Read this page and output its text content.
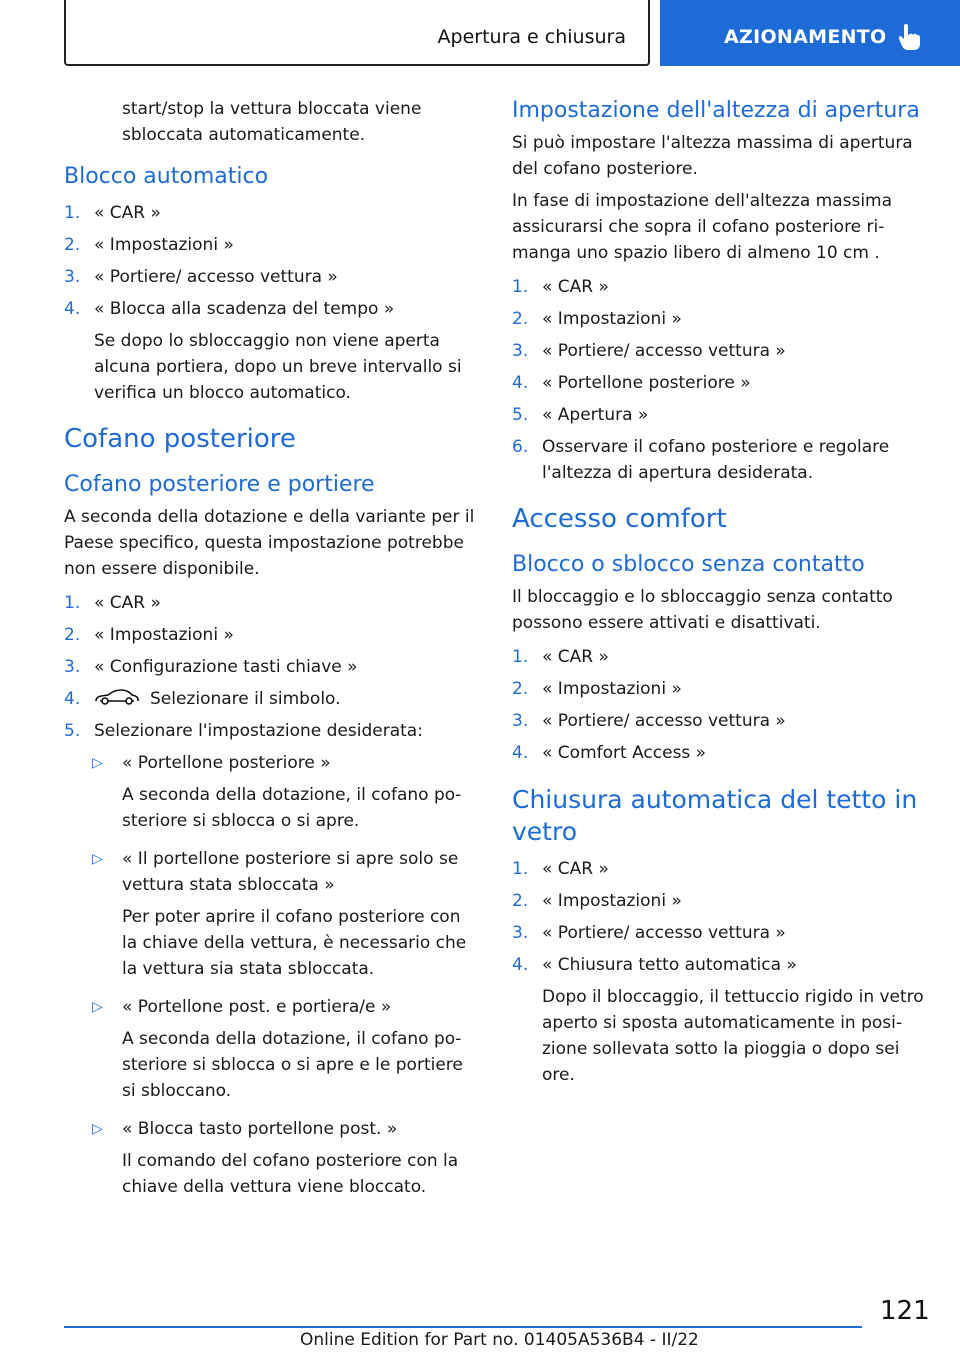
Apertura e chiusura	AZIONAMENTO

start/stop la vettura bloccata viene sbloccata automaticamente.

Blocco automatico
1. « CAR »
2. « Impostazioni »
3. « Portiere/ accesso vettura »
4. « Blocca alla scadenza del tempo »

Se dopo lo sbloccaggio non viene aperta alcuna portiera, dopo un breve intervallo si verifica un blocco automatico.

Cofano posteriore
Cofano posteriore e portiere

A seconda della dotazione e della variante per il Paese specifico, questa impostazione potrebbe non essere disponibile.

1. « CAR »
2. « Impostazioni »
3. « Configurazione tasti chiave »
4.	Selezionare il simbolo.
5. Selezionare l'impostazione desiderata:
▷ « Portellone posteriore »
A seconda della dotazione, il cofano posteriore si sblocca o si apre.
▷ « Il portellone posteriore si apre solo se vettura stata sbloccata »
Per poter aprire il cofano posteriore con la chiave della vettura, è necessario che la vettura sia stata sbloccata.
▷ « Portellone post. e portiera/e »
A seconda della dotazione, il cofano posteriore si sblocca o si apre e le portiere si sbloccano.
▷ « Blocca tasto portellone post. »
Il comando del cofano posteriore con la chiave della vettura viene bloccato.
Impostazione dell'altezza di apertura

Si può impostare l'altezza massima di apertura del cofano posteriore.

In fase di impostazione dell'altezza massima assicurarsi che sopra il cofano posteriore rimanga uno spazio libero di almeno 10 cm .

1. « CAR »
2. « Impostazioni »
3. « Portiere/ accesso vettura »
4. « Portellone posteriore »
5. « Apertura »
6. Osservare il cofano posteriore e regolare l'altezza di apertura desiderata.
Accesso comfort
Blocco o sblocco senza contatto

Il bloccaggio e lo sbloccaggio senza contatto possono essere attivati e disattivati.

1. « CAR »
2. « Impostazioni »
3. « Portiere/ accesso vettura »
4. « Comfort Access »
Chiusura automatica del tetto in vetro
1. « CAR »
2. « Impostazioni »
3. « Portiere/ accesso vettura »
4. « Chiusura tetto automatica »

Dopo il bloccaggio, il tettuccio rigido in vetro aperto si sposta automaticamente in posizione sollevata sotto la pioggia o dopo sei ore.

121
Online Edition for Part no. 01405A536B4 - II/22
